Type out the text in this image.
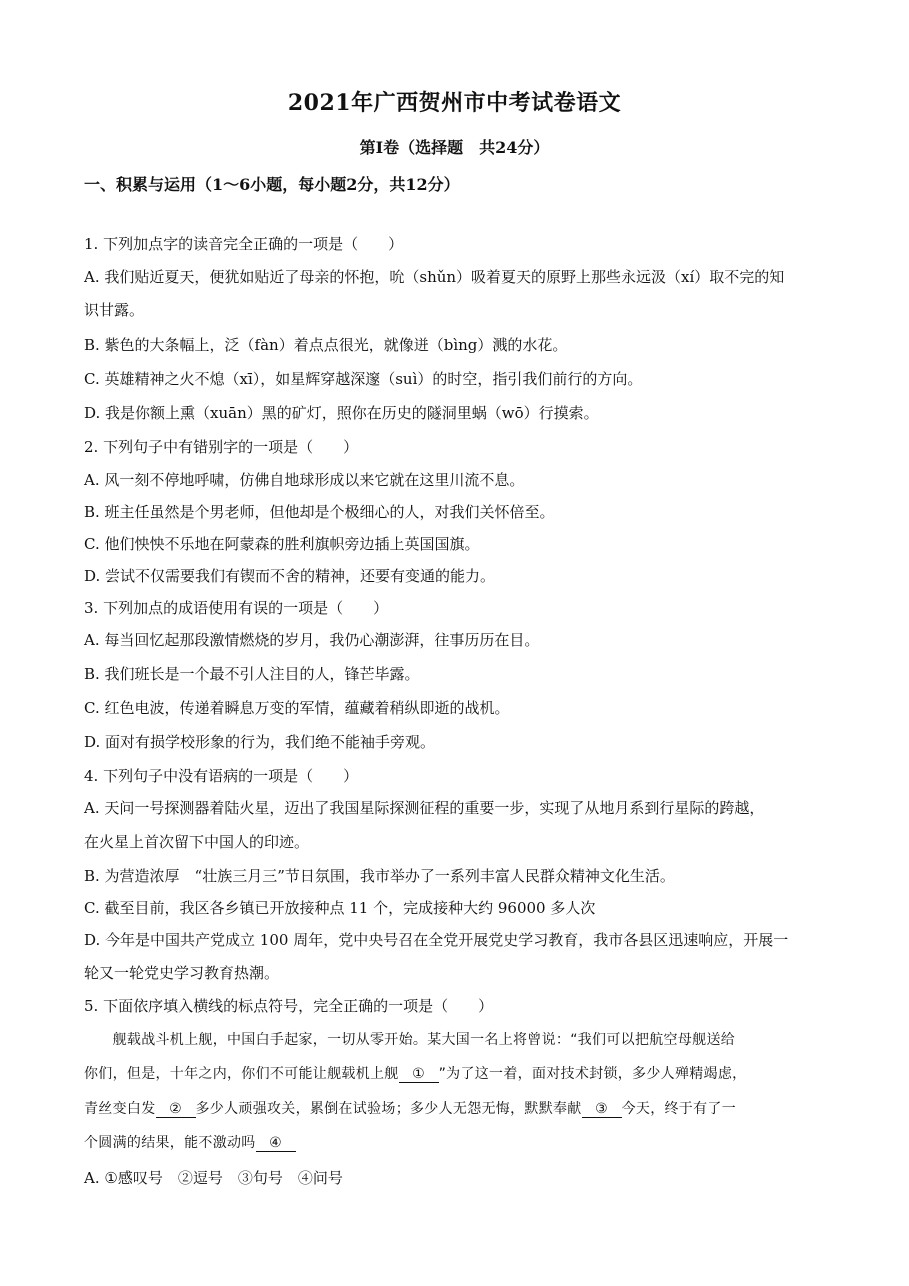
2021年广西贺州市中考试卷语文
第Ⅰ卷（选择题　共24分）
一、积累与运用（1～6小题，每小题2分，共12分）
1. 下列加点字的读音完全正确的一项是（　　）
A. 我们贴近夏天，便犹如贴近了母亲的怀抱，吮（shǔn）吸着夏天的原野上那些永远汲（xí）取不完的知
识甘露。
B. 紫色的大条幅上，泛（fàn）着点点很光，就像迸（bìng）溅的水花。
C. 英雄精神之火不熄（xī），如星辉穿越深邃（suì）的时空，指引我们前行的方向。
D. 我是你额上熏（xuān）黑的矿灯，照你在历史的隧洞里蜗（wō）行摸索。
2. 下列句子中有错别字的一项是（　　）
A. 风一刻不停地呼啸，仿佛自地球形成以来它就在这里川流不息。
B. 班主任虽然是个男老师，但他却是个极细心的人，对我们关怀倍至。
C. 他们怏怏不乐地在阿蒙森的胜利旗帜旁边插上英国国旗。
D. 尝试不仅需要我们有锲而不舍的精神，还要有变通的能力。
3. 下列加点的成语使用有误的一项是（　　）
A. 每当回忆起那段激情燃烧的岁月，我仍心潮澎湃，往事历历在目。
B. 我们班长是一个最不引人注目的人，锋芒毕露。
C. 红色电波，传递着瞬息万变的军情，蕴藏着稍纵即逝的战机。
D. 面对有损学校形象的行为，我们绝不能袖手旁观。
4. 下列句子中没有语病的一项是（　　）
A. 天问一号探测器着陆火星，迈出了我国星际探测征程的重要一步，实现了从地月系到行星际的跨越，
在火星上首次留下中国人的印迹。
B. 为营造浓厚　“壮族三月三”节日氛围，我市举办了一系列丰富人民群众精神文化生活。
C. 截至目前，我区各乡镇已开放接种点 11 个，完成接种大约 96000 多人次
D. 今年是中国共产党成立 100 周年，党中央号召在全党开展党史学习教育，我市各县区迅速响应，开展一
轮又一轮党史学习教育热潮。
5. 下面依序填入横线的标点符号，完全正确的一项是（　　）
　　舰载战斗机上舰，中国白手起家，一切从零开始。某大国一名上将曾说：“我们可以把航空母舰送给
你们，但是，十年之内，你们不可能让舰载机上舰 ① ”为了这一着，面对技术封锁，多少人殚精竭虑，
青丝变白发 ② 多少人顽强攻关，累倒在试验场；多少人无怨无悔，默默奉献 ③ 今天，终于有了一
个圆满的结果，能不激动吗 ④
A. ①感叹号　②逗号　③句号　④问号
